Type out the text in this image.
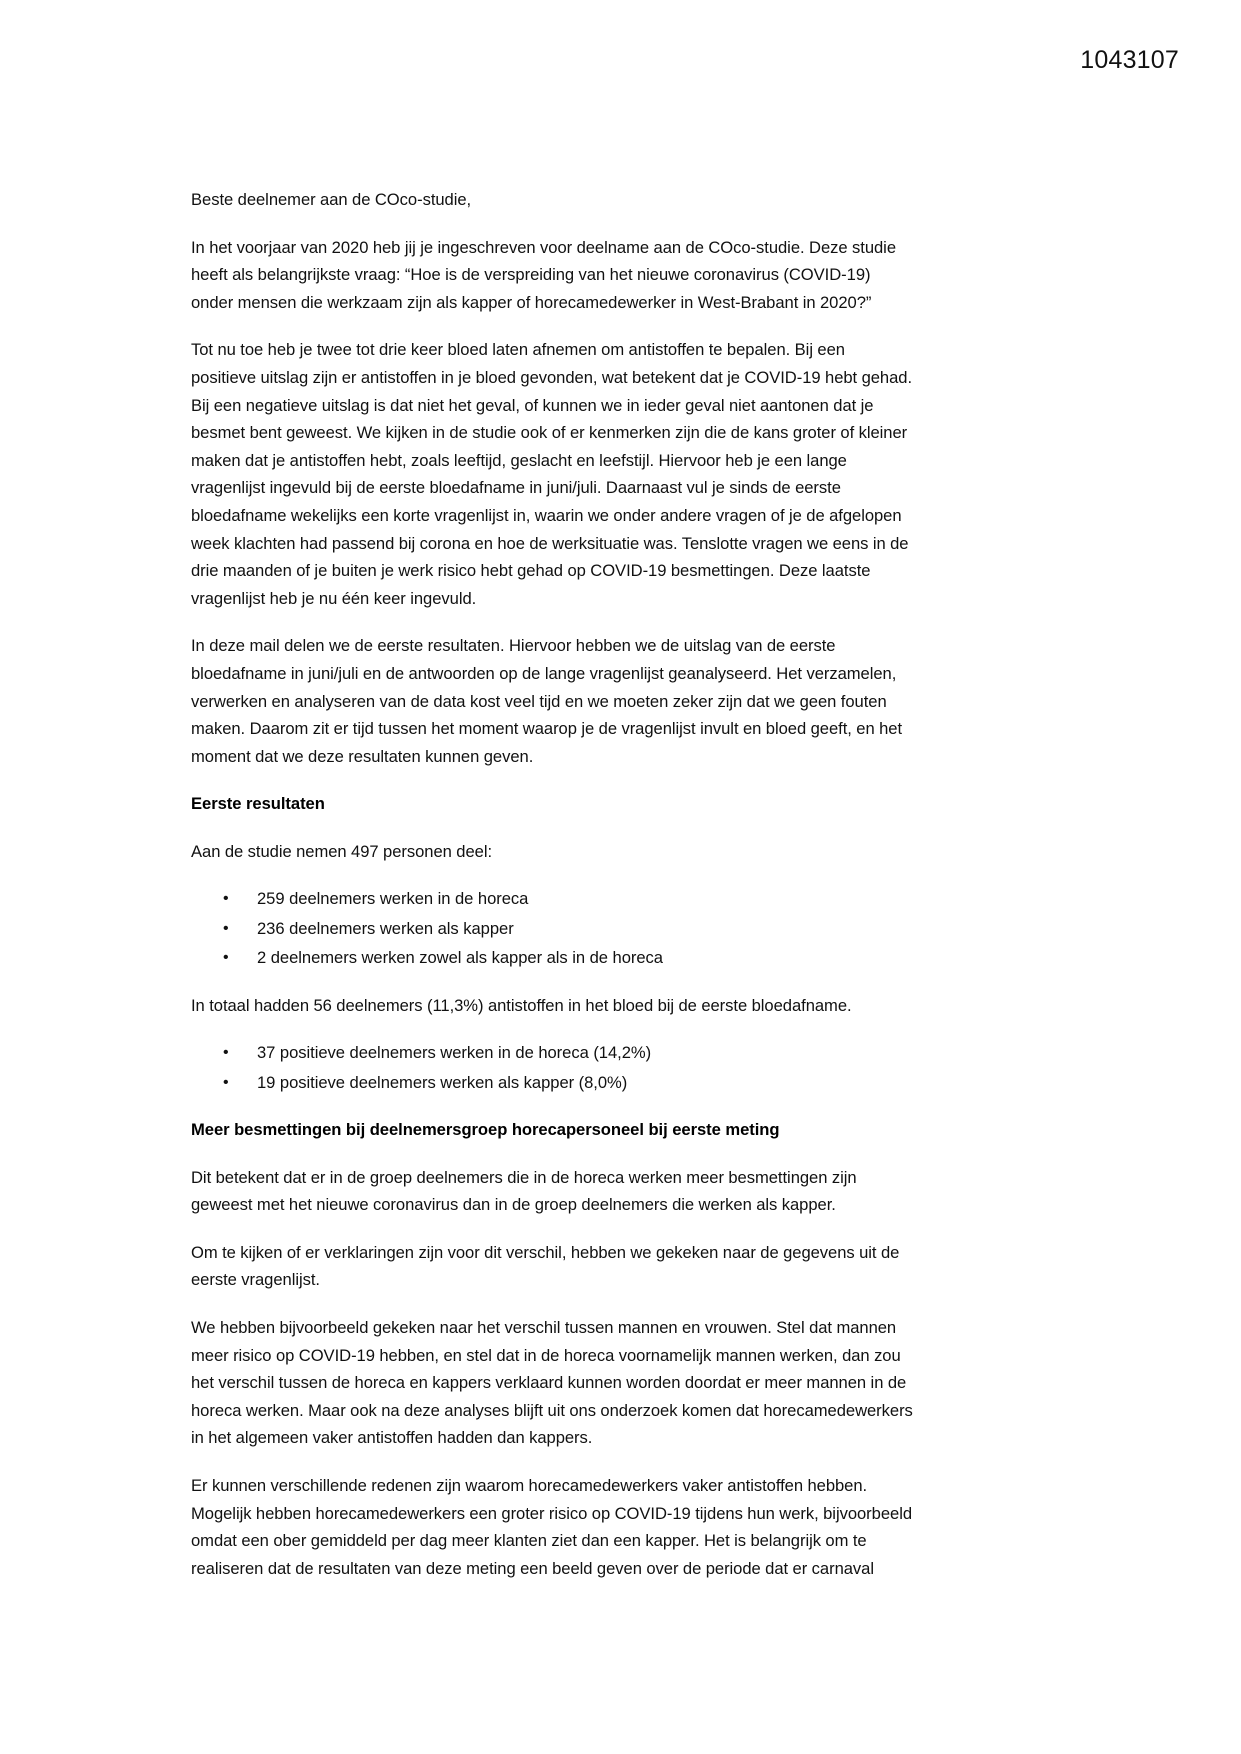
1043107

Beste deelnemer aan de COco-studie,

In het voorjaar van 2020 heb jij je ingeschreven voor deelname aan de COco-studie. Deze studie heeft als belangrijkste vraag: “Hoe is de verspreiding van het nieuwe coronavirus (COVID-19) onder mensen die werkzaam zijn als kapper of horecamedewerker in West-Brabant in 2020?”

Tot nu toe heb je twee tot drie keer bloed laten afnemen om antistoffen te bepalen. Bij een positieve uitslag zijn er antistoffen in je bloed gevonden, wat betekent dat je COVID-19 hebt gehad. Bij een negatieve uitslag is dat niet het geval, of kunnen we in ieder geval niet aantonen dat je besmet bent geweest. We kijken in de studie ook of er kenmerken zijn die de kans groter of kleiner maken dat je antistoffen hebt, zoals leeftijd, geslacht en leefstijl. Hiervoor heb je een lange vragenlijst ingevuld bij de eerste bloedafname in juni/juli. Daarnaast vul je sinds de eerste bloedafname wekelijks een korte vragenlijst in, waarin we onder andere vragen of je de afgelopen week klachten had passend bij corona en hoe de werksituatie was. Tenslotte vragen we eens in de drie maanden of je buiten je werk risico hebt gehad op COVID-19 besmettingen. Deze laatste vragenlijst heb je nu één keer ingevuld.

In deze mail delen we de eerste resultaten. Hiervoor hebben we de uitslag van de eerste bloedafname in juni/juli en de antwoorden op de lange vragenlijst geanalyseerd. Het verzamelen, verwerken en analyseren van de data kost veel tijd en we moeten zeker zijn dat we geen fouten maken. Daarom zit er tijd tussen het moment waarop je de vragenlijst invult en bloed geeft, en het moment dat we deze resultaten kunnen geven.

Eerste resultaten

Aan de studie nemen 497 personen deel:

• 259 deelnemers werken in de horeca
• 236 deelnemers werken als kapper
• 2 deelnemers werken zowel als kapper als in de horeca

In totaal hadden 56 deelnemers (11,3%) antistoffen in het bloed bij de eerste bloedafname.

• 37 positieve deelnemers werken in de horeca (14,2%)
• 19 positieve deelnemers werken als kapper (8,0%)
Meer besmettingen bij deelnemersgroep horecapersoneel bij eerste meting

Dit betekent dat er in de groep deelnemers die in de horeca werken meer besmettingen zijn geweest met het nieuwe coronavirus dan in de groep deelnemers die werken als kapper.

Om te kijken of er verklaringen zijn voor dit verschil, hebben we gekeken naar de gegevens uit de eerste vragenlijst.

We hebben bijvoorbeeld gekeken naar het verschil tussen mannen en vrouwen. Stel dat mannen meer risico op COVID-19 hebben, en stel dat in de horeca voornamelijk mannen werken, dan zou het verschil tussen de horeca en kappers verklaard kunnen worden doordat er meer mannen in de horeca werken. Maar ook na deze analyses blijft uit ons onderzoek komen dat horecamedewerkers in het algemeen vaker antistoffen hadden dan kappers.

Er kunnen verschillende redenen zijn waarom horecamedewerkers vaker antistoffen hebben. Mogelijk hebben horecamedewerkers een groter risico op COVID-19 tijdens hun werk, bijvoorbeeld omdat een ober gemiddeld per dag meer klanten ziet dan een kapper. Het is belangrijk om te realiseren dat de resultaten van deze meting een beeld geven over de periode dat er carnaval
